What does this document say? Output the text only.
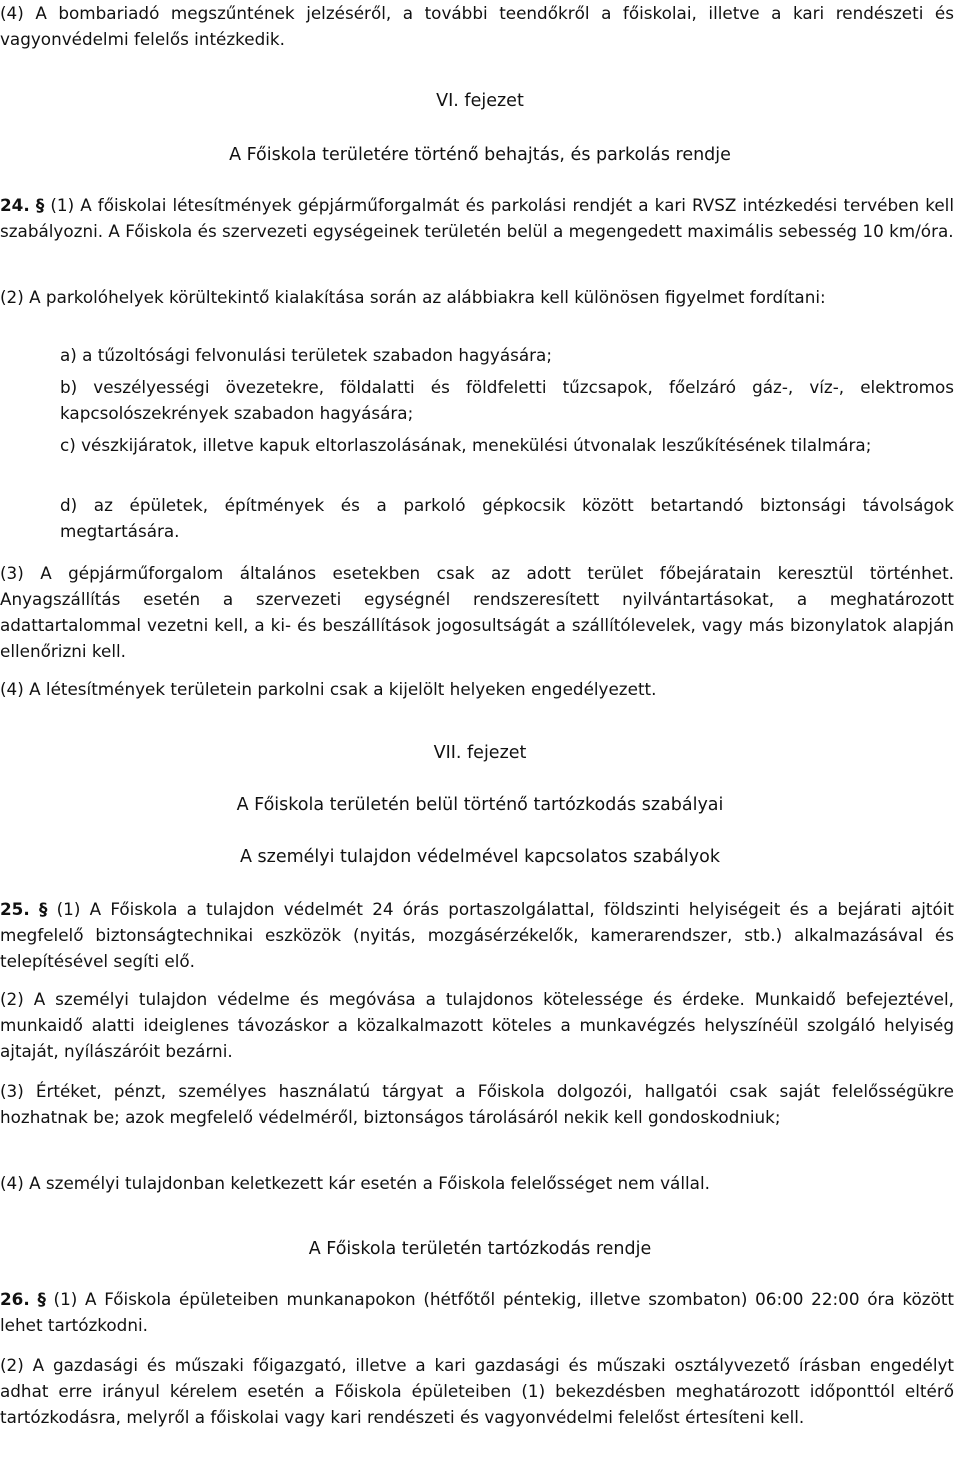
(4) A bombariadó megszűntének jelzéséről, a további teendőkről a főiskolai, illetve a kari rendészeti és vagyonvédelmi felelős intézkedik.

VI. fejezet
A Főiskola területére történő behajtás, és parkolás rendje

24. § (1) A főiskolai létesítmények gépjárműforgalmát és parkolási rendjét a kari RVSZ intézkedési tervében kell szabályozni. A Főiskola és szervezeti egységeinek területén belül a megengedett maximális sebesség 10 km/óra.

(2) A parkolóhelyek körültekintő kialakítása során az alábbiakra kell különösen figyelmet fordítani:

a) a tűzoltósági felvonulási területek szabadon hagyására;

b) veszélyességi övezetekre, földalatti és földfeletti tűzcsapok, főelzáró gáz-, víz-, elektromos kapcsolószekrények szabadon hagyására;

c) vészkijáratok, illetve kapuk eltorlaszolásának, menekülési útvonalak leszűkítésének tilalmára;

d) az épületek, építmények és a parkoló gépkocsik között betartandó biztonsági távolságok megtartására.

(3) A gépjárműforgalom általános esetekben csak az adott terület főbejáratain keresztül történhet. Anyagszállítás esetén a szervezeti egységnél rendszeresített nyilvántartásokat, a meghatározott adattartalommal vezetni kell, a ki- és beszállítások jogosultságát a szállítólevelek, vagy más bizonylatok alapján ellenőrizni kell.

(4) A létesítmények területein parkolni csak a kijelölt helyeken engedélyezett.

VII. fejezet
A Főiskola területén belül történő tartózkodás szabályai
A személyi tulajdon védelmével kapcsolatos szabályok

25. § (1) A Főiskola a tulajdon védelmét 24 órás portaszolgálattal, földszinti helyiségeit és a bejárati ajtóit megfelelő biztonságtechnikai eszközök (nyitás, mozgásérzékelők, kamerarendszer, stb.) alkalmazásával és telepítésével segíti elő.

(2) A személyi tulajdon védelme és megóvása a tulajdonos kötelessége és érdeke. Munkaidő befejeztével, munkaidő alatti ideiglenes távozáskor a közalkalmazott köteles a munkavégzés helyszínéül szolgáló helyiség ajtaját, nyílászáróit bezárni.

(3) Értéket, pénzt, személyes használatú tárgyat a Főiskola dolgozói, hallgatói csak saját felelősségükre hozhatnak be; azok megfelelő védelméről, biztonságos tárolásáról nekik kell gondoskodniuk;

(4) A személyi tulajdonban keletkezett kár esetén a Főiskola felelősséget nem vállal.

A Főiskola területén tartózkodás rendje

26. § (1) A Főiskola épületeiben munkanapokon (hétfőtől péntekig, illetve szombaton) 06:00 22:00 óra között lehet tartózkodni.

(2) A gazdasági és műszaki főigazgató, illetve a kari gazdasági és műszaki osztályvezető írásban engedélyt adhat erre irányul kérelem esetén a Főiskola épületeiben (1) bekezdésben meghatározott időponttól eltérő tartózkodásra, melyről a főiskolai vagy kari rendészeti és vagyonvédelmi felelőst értesíteni kell.
